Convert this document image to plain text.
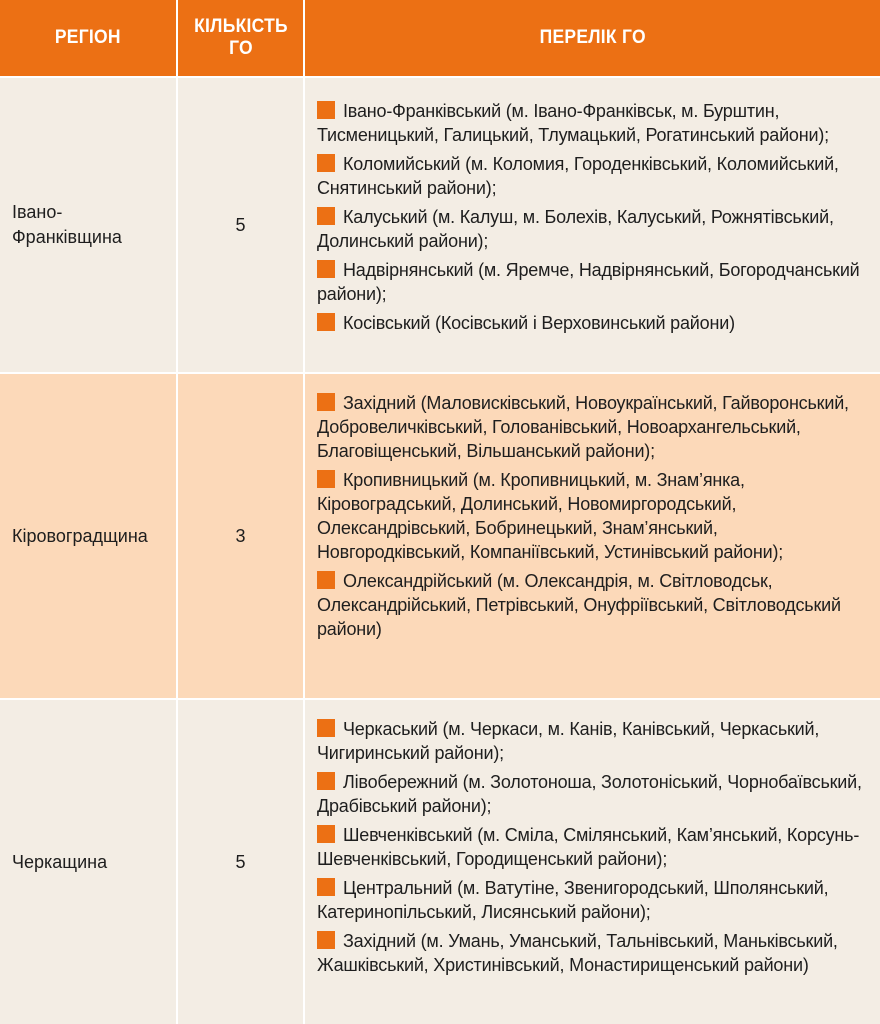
РЕГІОН
КІЛЬКІСТЬ ГО
ПЕРЕЛІК ГО
Івано-Франківщина
5
Івано-Франківський (м. Івано-Франківськ, м. Бурштин, Тисменицький, Галицький, Тлумацький, Рогатинський райони);
Коломийський (м. Коломия, Городенківський, Коломийський, Снятинський райони);
Калуський (м. Калуш, м. Болехів, Калуський, Рожнятівський, Долинський райони);
Надвірнянський (м. Яремче, Надвірнянський, Богородчанський райони);
Косівський (Косівський і Верховинський райони)
Кіровоградщина	3
Західний (Маловисківський, Новоукраїнський, Гайворонський, Добровеличківський, Голованівський, Новоархангельський, Благовіщенський, Вільшанський райони);
Кропивницький (м. Кропивницький, м. Знам’янка, Кіровоградський, Долинський, Новомиргородський, Олександрівський, Бобринецький, Знам’янський, Новгородківський, Компаніївський, Устинівський райони);
Олександрійський (м. Олександрія, м. Світловодськ, Олександрійський, Петрівський, Онуфріївський, Світловодський райони)
Черкащина	5
Черкаський (м. Черкаси, м. Канів, Канівський, Черкаський, Чигиринський райони);
Лівобережний (м. Золотоноша, Золотоніський, Чорнобаївський, Драбівський райони);
Шевченківський (м. Сміла, Смілянський, Кам’янський, Корсунь-Шевченківський, Городищенський райони);
Центральний (м. Ватутіне, Звенигородський, Шполянський, Катеринопільський, Лисянський райони);
Західний (м. Умань, Уманський, Тальнівський, Маньківський, Жашківський, Христинівський, Монастирищенський райони)
